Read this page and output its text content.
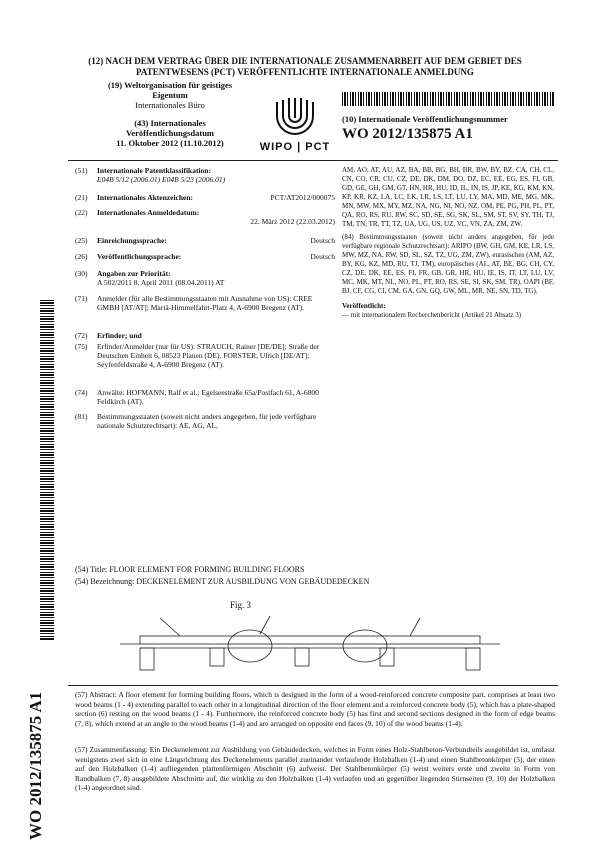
(12) NACH DEM VERTRAG ÜBER DIE INTERNATIONALE ZUSAMMENARBEIT AUF DEM GEBIET DES
PATENTWESENS (PCT) VERÖFFENTLICHTE INTERNATIONALE ANMELDUNG
(19) Weltorganisation für geistiges
Eigentum
Internationales Büro
WIPO | PCT
(43) Internationales
Veröffentlichungsdatum
11. Oktober 2012 (11.10.2012)
(10) Internationale Veröffentlichungsnummer
WO 2012/135875 A1
WO 2012/135875 A1
(51)	Internationale Patentklassifikation:
E04B 5/12 (2006.01) E04B 5/23 (2006.01)
(21)	Internationales Aktenzeichen:	PCT/AT2012/000075
(22)	Internationales Anmeldedatum:

22. März 2012 (22.03.2012)
(25)	Einreichungssprache:	Deutsch
(26)	Veröffentlichungssprache:	Deutsch
(30)	Angaben zur Priorität:
A 502/2011 8. April 2011 (08.04.2011) AT
(71)	Anmelder (für alle Bestimmungsstaaten mit Ausnahme von US): CREE GMBH [AT/AT]; Mariä-Himmelfahrt-Platz 4, A-6900 Bregenz (AT).
(72)	Erfinder; und
(75)	Erfinder/Anmelder (nur für US): STRAUCH, Rainer [DE/DE]; Straße der Deutschen Einheit 6, 08523 Plauen (DE). FORSTER, Ulrich [DE/AT]; Seyfenfeldstraße 4, A-6900 Bregenz (AT).
(74)	Anwälte: HOFMANN, Ralf et al.; Egelseestraße 65a/Postfach 61, A-6800 Feldkirch (AT).
(81)	Bestimmungsstaaten (soweit nicht anders angegeben, für jede verfügbare nationale Schutzrechtsart): AE, AG, AL,
AM, AO, AT, AU, AZ, BA, BB, BG, BH, BR, BW, BY, BZ, CA, CH, CL, CN, CO, CR, CU, CZ, DE, DK, DM, DO, DZ, EC, EE, EG, ES, FI, GB, GD, GE, GH, GM, GT, HN, HR, HU, ID, IL, IN, IS, JP, KE, KG, KM, KN, KP, KR, KZ, LA, LC, LK, LR, LS, LT, LU, LY, MA, MD, ME, MG, MK, MN, MW, MX, MY, MZ, NA, NG, NI, NO, NZ, OM, PE, PG, PH, PL, PT, QA, RO, RS, RU, RW, SC, SD, SE, SG, SK, SL, SM, ST, SV, SY, TH, TJ, TM, TN, TR, TT, TZ, UA, UG, US, UZ, VC, VN, ZA, ZM, ZW.
(84) Bestimmungsstaaten (soweit nicht anders angegeben, für jede verfügbare regionale Schutzrechtsart): ARIPO (BW, GH, GM, KE, LR, LS, MW, MZ, NA, RW, SD, SL, SZ, TZ, UG, ZM, ZW), eurasisches (AM, AZ, BY, KG, KZ, MD, RU, TJ, TM), europäisches (AL, AT, BE, BG, CH, CY, CZ, DE, DK, EE, ES, FI, FR, GB, GR, HR, HU, IE, IS, IT, LT, LU, LV, MC, MK, MT, NL, NO, PL, PT, RO, RS, SE, SI, SK, SM, TR), OAPI (BF, BJ, CF, CG, CI, CM, GA, GN, GQ, GW, ML, MR, NE, SN, TD, TG).
Veröffentlicht:
— mit internationalem Recherchenbericht (Artikel 21 Absatz 3)
(54) Title: FLOOR ELEMENT FOR FORMING BUILDING FLOORS
(54) Bezeichnung: DECKENELEMENT ZUR AUSBILDUNG VON GEBÄUDEDECKEN
Fig. 3
(57) Abstract: A floor element for forming building floors, which is designed in the form of a wood-reinforced concrete composite part, comprises at least two wood beams (1 - 4) extending parallel to each other in a longitudinal direction of the floor element and a reinforced concrete body (5), which has a plate-shaped section (6) resting on the wood beams (1 - 4). Furthermore, the reinforced concrete body (5) has first and second sections designed in the form of edge beams (7, 8), which extend at an angle to the wood beams (1-4) and are arranged on opposite end faces (9, 10) of the wood beams (1-4).
(57) Zusammenfassung: Ein Deckenelement zur Ausbildung von Gebäudedecken, welches in Form eines Holz-Stahlbeton-Verbundteils ausgebildet ist, umfasst wenigstens zwei sich in eine Längsrichtung des Deckenelements parallel zueinander verlaufende Holzbalken (1-4) und einen Stahlbetonkörper (5), der einen auf den Holzbalken (1-4) aufliegenden plattenförmigen Abschnitt (6) aufweist. Der Stahlbetonkörper (5) weist weiters erste und zweite in Form von Randbalken (7, 8) ausgebildete Abschnitte auf, die winklig zu den Holzbalken (1-4) verlaufen und an gegenüber liegenden Stirnseiten (9, 10) der Holzbalken (1-4) angeordnet sind.
